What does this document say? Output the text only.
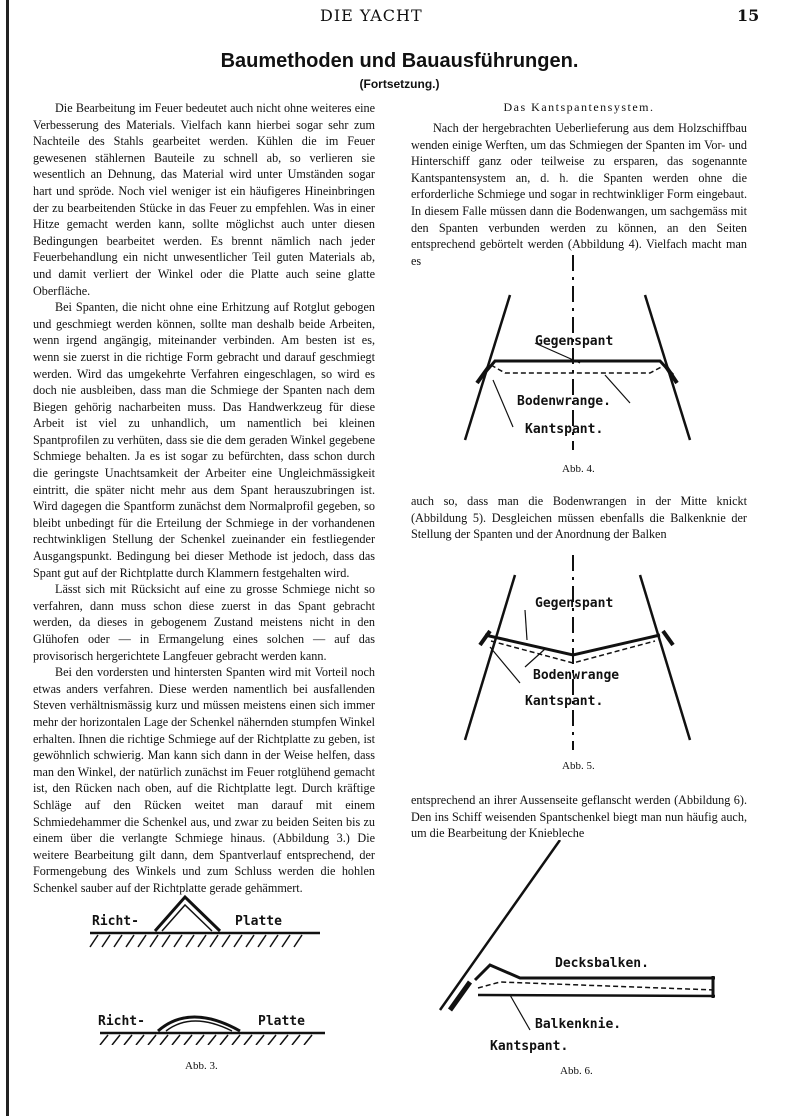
DIE YACHT	15
Baumethoden und Bauausführungen.
(Fortsetzung.)

Die Bearbeitung im Feuer bedeutet auch nicht ohne weiteres eine Verbesserung des Materials. Vielfach kann hierbei sogar sehr zum Nachteile des Stahls gearbeitet werden. Kühlen die im Feuer gewesenen stählernen Bauteile zu schnell ab, so verlieren sie wesentlich an Dehnung, das Material wird unter Umständen sogar hart und spröde. Noch viel weniger ist ein häufigeres Hineinbringen der zu bearbeitenden Stücke in das Feuer zu empfehlen. Was in einer Hitze gemacht werden kann, sollte möglichst auch unter diesen Bedingungen bearbeitet werden. Es brennt nämlich nach jeder Feuerbehandlung ein nicht unwesentlicher Teil guten Materials ab, und damit verliert der Winkel oder die Platte auch seine glatte Oberfläche.

Bei Spanten, die nicht ohne eine Erhitzung auf Rotglut gebogen und geschmiegt werden können, sollte man deshalb beide Arbeiten, wenn irgend angängig, miteinander verbinden. Am besten ist es, wenn sie zuerst in die richtige Form gebracht und darauf geschmiegt werden. Wird das umgekehrte Verfahren eingeschlagen, so wird es doch nie ausbleiben, dass man die Schmiege der Spanten nach dem Biegen gehörig nacharbeiten muss. Das Handwerkzeug für diese Arbeit ist viel zu unhandlich, um namentlich bei kleinen Spantprofilen zu verhüten, dass sie die dem geraden Winkel gegebene Schmiege behalten. Ja es ist sogar zu befürchten, dass schon durch die geringste Unachtsamkeit der Arbeiter eine Ungleichmässigkeit eintritt, die später nicht mehr aus dem Spant herauszubringen ist. Wird dagegen die Spantform zunächst dem Normalprofil gegeben, so bleibt unbedingt für die Erteilung der Schmiege in der vorhandenen rechtwinkligen Stellung der Schenkel zueinander ein festliegender Ausgangspunkt. Bedingung bei dieser Methode ist jedoch, dass das Spant gut auf der Richtplatte durch Klammern festgehalten wird.

Lässt sich mit Rücksicht auf eine zu grosse Schmiege nicht so verfahren, dann muss schon diese zuerst in das Spant gebracht werden, da dieses in gebogenem Zustand meistens nicht in den Glühofen oder — in Ermangelung eines solchen — auf das provisorisch hergerichtete Langfeuer gebracht werden kann.

Bei den vordersten und hintersten Spanten wird mit Vorteil noch etwas anders verfahren. Diese werden namentlich bei ausfallenden Steven verhältnismässig kurz und müssen meistens einen sich immer mehr der horizontalen Lage der Schenkel nähernden stumpfen Winkel erhalten. Ihnen die richtige Schmiege auf der Richtplatte zu geben, ist gewöhnlich schwierig. Man kann sich dann in der Weise helfen, dass man den Winkel, der natürlich zunächst im Feuer rotglühend gemacht ist, den Rücken nach oben, auf die Richtplatte legt. Durch kräftige Schläge auf den Rücken weitet man darauf mit einem Schmiedehammer die Schenkel aus, und zwar zu beiden Seiten bis zu einem über die verlangte Schmiege hinaus. (Abbildung 3.) Die weitere Bearbeitung gilt dann, dem Spantverlauf entsprechend, der Formengebung des Winkels und zum Schluss werden die hohlen Schenkel sauber auf der Richtplatte gerade gehämmert.

Richt-	Platte
Richt-	Platte
Abb. 3.
Das Kantspantensystem.

Nach der hergebrachten Ueberlieferung aus dem Holzschiffbau wenden einige Werften, um das Schmiegen der Spanten im Vor- und Hinterschiff ganz oder teilweise zu ersparen, das sogenannte Kantspantensystem an, d. h. die Spanten werden ohne die erforderliche Schmiege und sogar in rechtwinkliger Form eingebaut. In diesem Falle müssen dann die Bodenwangen, um sachgemäss mit den Spanten verbunden werden zu können, an den Seiten entsprechend gebörtelt werden (Abbildung 4). Vielfach macht man es

Gegenspant
Bodenwrange.
Kantspant.
Abb. 4.

auch so, dass man die Bodenwrangen in der Mitte knickt (Abbildung 5). Desgleichen müssen ebenfalls die Balkenknie der Stellung der Spanten und der Anordnung der Balken

Gegenspant
Bodenwrange
Kantspant.
Abb. 5.

entsprechend an ihrer Aussenseite geflanscht werden (Abbildung 6). Den ins Schiff weisenden Spantschenkel biegt man nun häufig auch, um die Bearbeitung der Kniebleche

Decksbalken.
Balkenknie.
Kantspant.
Abb. 6.
